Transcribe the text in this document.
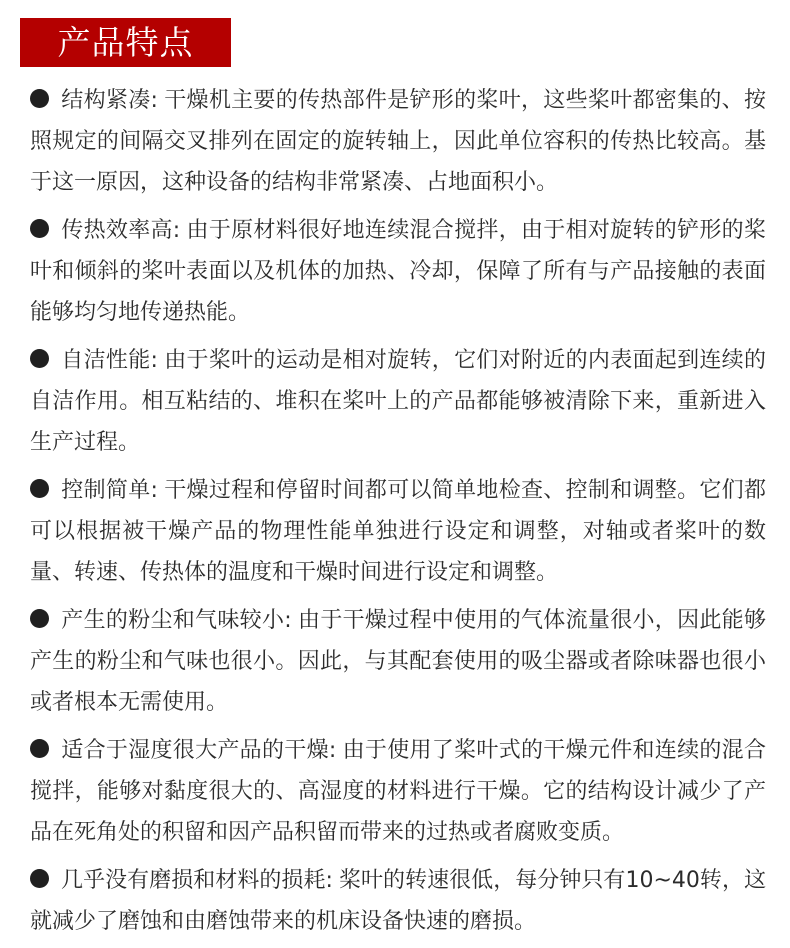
产品特点

结构紧凑: 干燥机主要的传热部件是铲形的桨叶，这些桨叶都密集的、按照规定的间隔交叉排列在固定的旋转轴上，因此单位容积的传热比较高。基于这一原因，这种设备的结构非常紧凑、占地面积小。

传热效率高: 由于原材料很好地连续混合搅拌，由于相对旋转的铲形的桨叶和倾斜的桨叶表面以及机体的加热、冷却，保障了所有与产品接触的表面能够均匀地传递热能。

自洁性能: 由于桨叶的运动是相对旋转，它们对附近的内表面起到连续的自洁作用。相互粘结的、堆积在桨叶上的产品都能够被清除下来，重新进入生产过程。

控制简单: 干燥过程和停留时间都可以简单地检查、控制和调整。它们都可以根据被干燥产品的物理性能单独进行设定和调整，对轴或者桨叶的数量、转速、传热体的温度和干燥时间进行设定和调整。

产生的粉尘和气味较小: 由于干燥过程中使用的气体流量很小，因此能够产生的粉尘和气味也很小。因此，与其配套使用的吸尘器或者除味器也很小或者根本无需使用。

适合于湿度很大产品的干燥: 由于使用了桨叶式的干燥元件和连续的混合搅拌，能够对黏度很大的、高湿度的材料进行干燥。它的结构设计减少了产品在死角处的积留和因产品积留而带来的过热或者腐败变质。

几乎没有磨损和材料的损耗: 桨叶的转速很低，每分钟只有10~40转，这就减少了磨蚀和由磨蚀带来的机床设备快速的磨损。
